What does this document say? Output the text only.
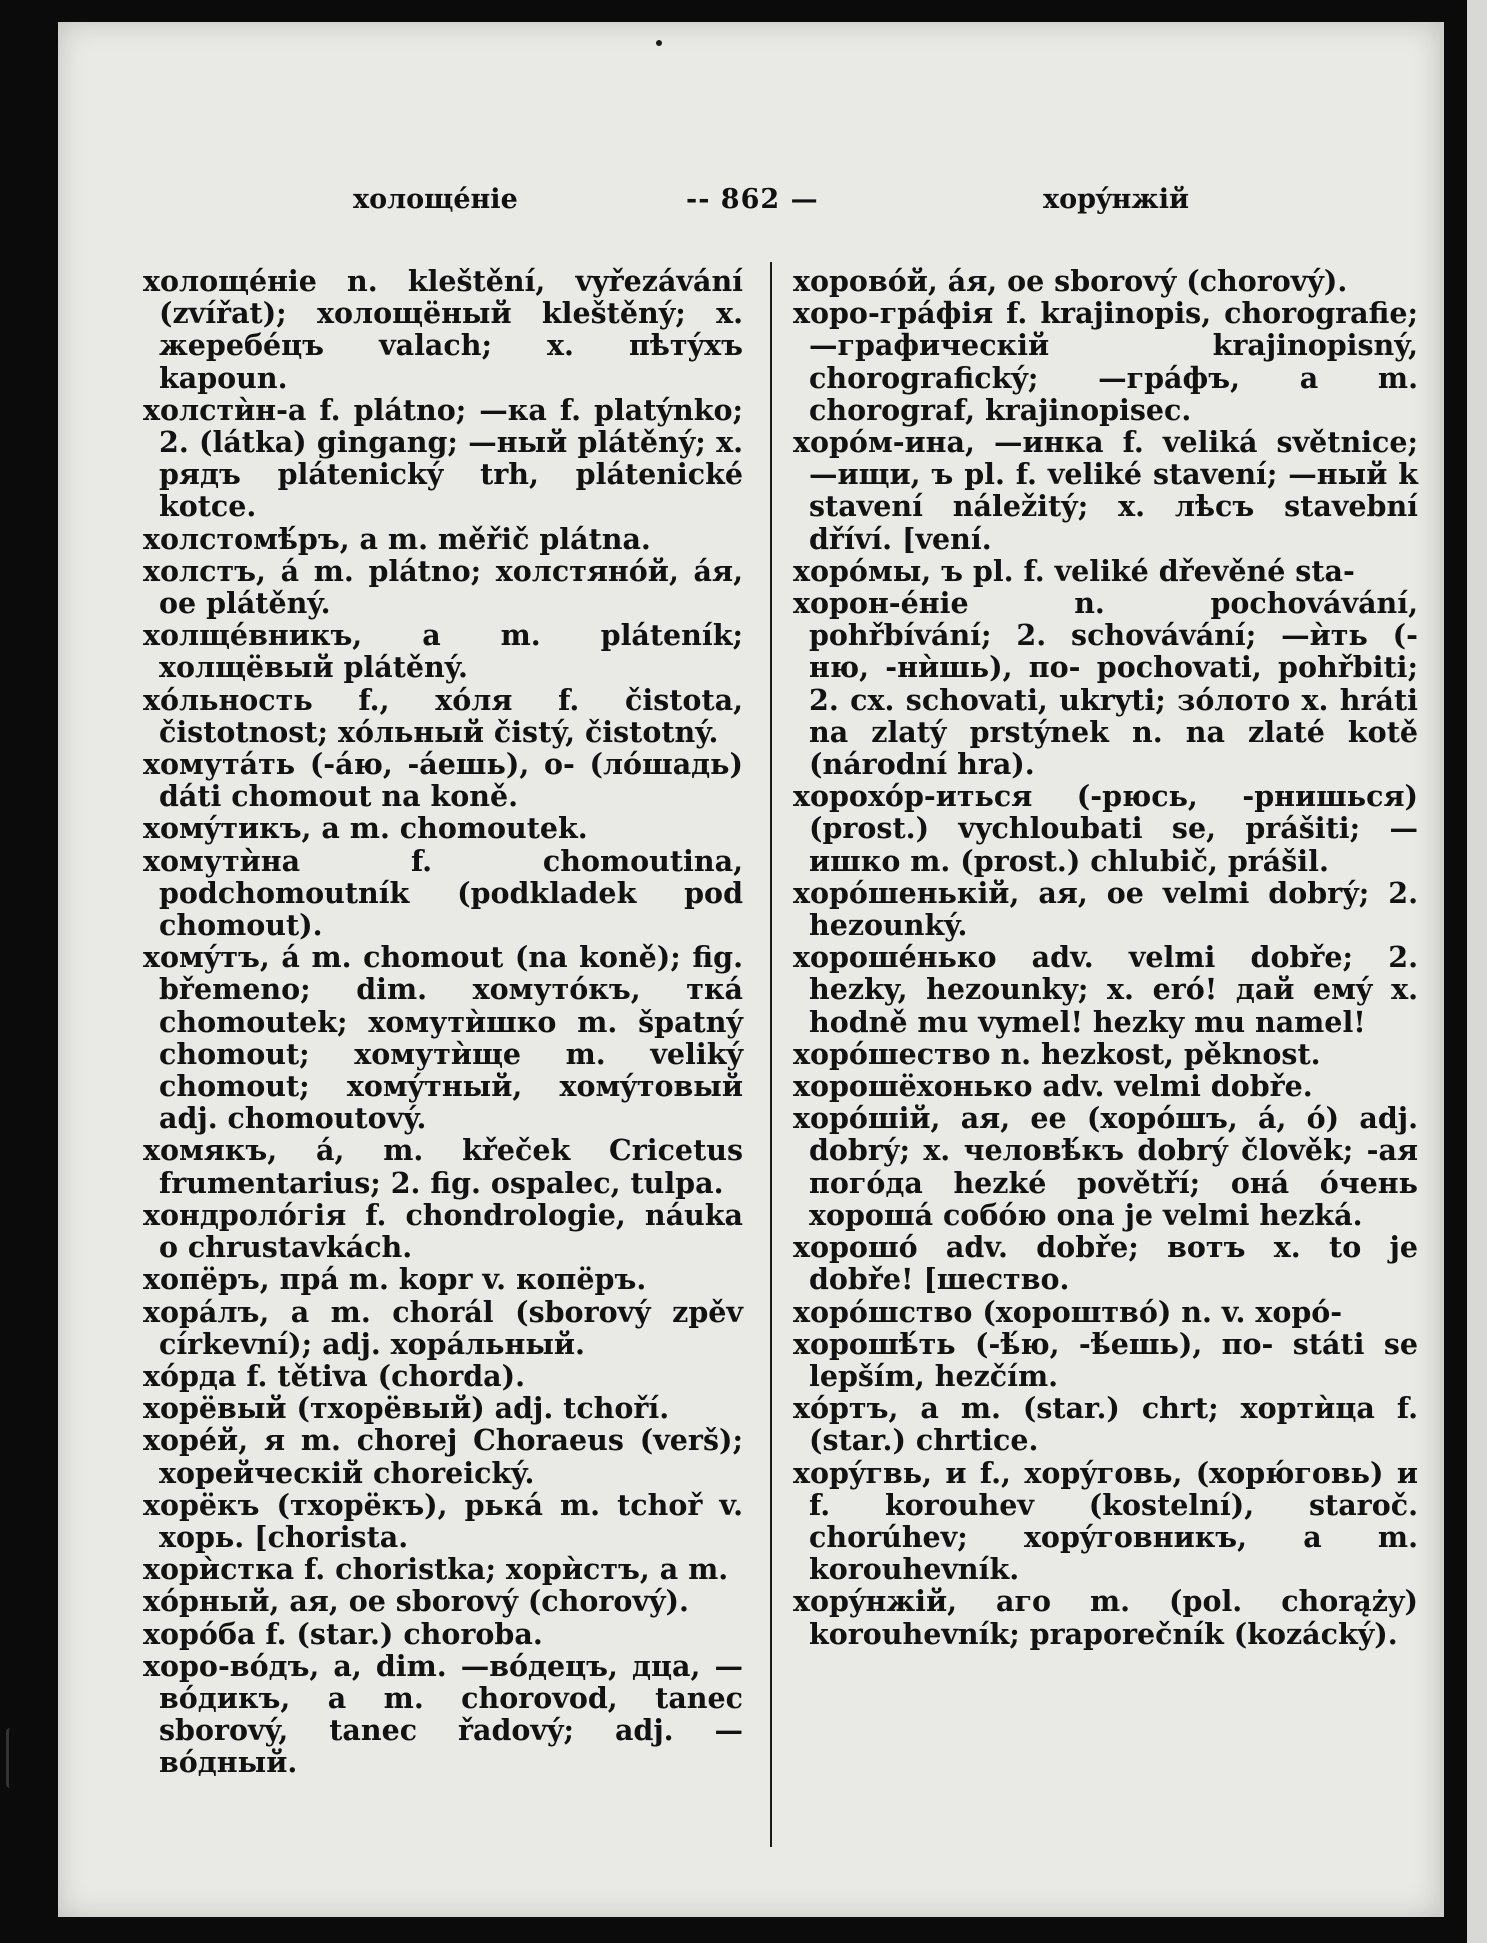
холощéніе	-- 862 —	хорýнжій
холощéніе n. kleštění, vyřezávání (zvířat); холощёный kleštěný; x. жеребéцъ valach; x. пѣтýхъ kapoun.
холстѝн-а f. plátno; —ка f. platýnko; 2. (látka) gingang; —ный plátěný; x. рядъ plátenický trh, plátenické kotce.
холстомѣ́ръ, а m. měřič plátna.
холстъ, á m. plátno; холстянóй, áя, oe plátěný.
холщéвникъ, а m. pláteník; холщёвый plátěný.
хóльность f., хóля f. čistota, čistotnost; хóльный čistý, čistotný.
хомутáть (-áю, -áешь), о- (лóшадь) dáti chomout na koně.
хомýтикъ, а m. chomoutek.
хомутѝна f. chomoutina, podchomoutník (podkladek pod chomout).
хомýтъ, á m. chomout (na koně); fig. břemeno; dim. хомутóкъ, ткá chomoutek; хомутѝшко m. špatný chomout; хомутѝще m. veliký chomout; хомýтный, хомýтовый adj. chomoutový.
хомякъ, á, m. křeček Cricetus frumentarius; 2. fig. ospalec, tulpa.
хондролóгія f. chondrologie, náuka o chrustavkách.
хопёръ, прá m. kopr v. копёръ.
хорáлъ, а m. chorál (sborový zpěv církevní); adj. хорáльный.
хóрда f. tětiva (chorda).
хорёвый (тхорёвый) adj. tchoří.
хорéй, я m. chorej Choraeus (verš); хорейческій choreický.
хорёкъ (тхорёкъ), рькá m. tchoř v. хорь. [chorista.
хорѝстка f. choristka; хорѝстъ, а m.
хóрный, ая, oe sborový (chorový).
хорóба f. (star.) choroba.
хоро-вóдъ, а, dim. —вóдецъ, дца, —вóдикъ, а m. chorovod, tanec sborový, tanec řadový; adj. —вóдный.
хоровóй, áя, oe sborový (chorový).
хоро-грáфія f. krajinopis, chorografie; —графическій krajinopisný, chorografický; —грáфъ, а m. chorograf, krajinopisec.
хорóм-ина, —инка f. veliká světnice; —ищи, ъ pl. f. veliké stavení; —ный k stavení náležitý; x. лѣсъ stavební dříví. [vení.
хорóмы, ъ pl. f. veliké dřevěné sta-
хорон-éніе n. pochovávání, pohřbívání; 2. schovávání; —ѝть (-ню, -нѝшь), по- pochovati, pohřbiti; 2. сх. schovati, ukryti; зóлото x. hráti na zlatý prstýnek n. na zlaté kotě (národní hra).
хорохóр-иться (-рюсь, -рнишься) (prost.) vychloubati se, prášiti; —ишко m. (prost.) chlubič, prášil.
хорóшенькій, ая, oe velmi dobrý; 2. hezounký.
хорошéнько adv. velmi dobře; 2. hezky, hezounky; x. eró! дай емý x. hodně mu vymel! hezky mu namel!
хорóшество n. hezkost, pěknost.
хорошёхонько adv. velmi dobře.
хорóшій, ая, ее (хорóшъ, á, ó) adj. dobrý; x. человѣ́къ dobrý člověk; -ая погóда hezké povětří; онá óчень хорошá собóю ona je velmi hezká.
хорошó adv. dobře; вотъ x. to je dobře! [шество.
хорóшство (хороштвó) n. v. хорó-
хорошѣ́ть (-ѣ́ю, -ѣ́ешь), по- státi se lepším, hezčím.
хóртъ, а m. (star.) chrt; хортѝца f. (star.) chrtice.
хорýгвь, и f., хорýговь, (хорю́говь) и f. korouhev (kostelní), staroč. chorúhev; хорýговникъ, а m. korouhevník.
хорýнжій, аго m. (pol. chorąży) korouhevník; praporečník (kozácký).
